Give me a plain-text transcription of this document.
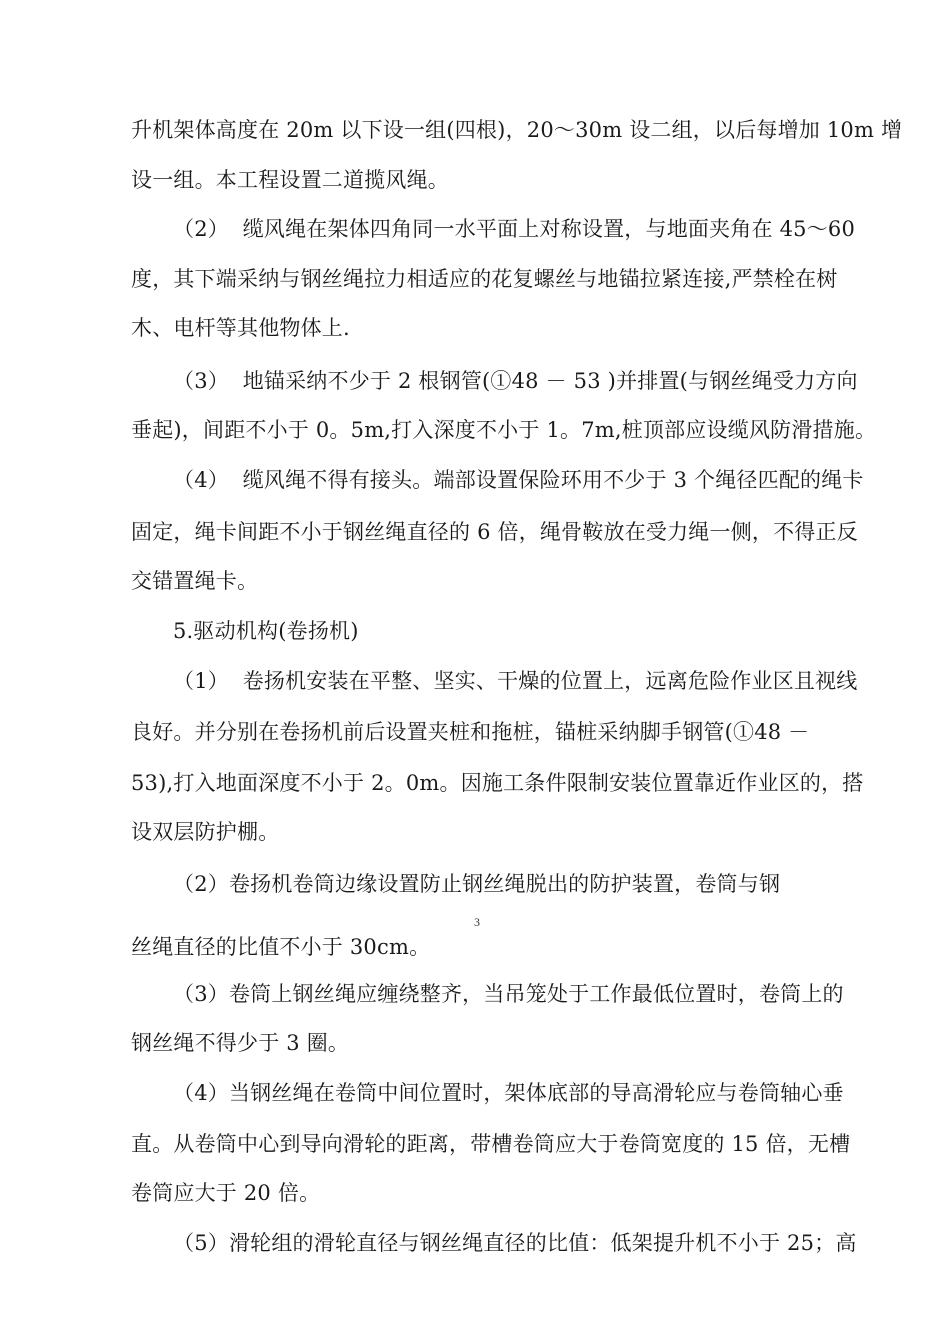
升机架体高度在 20m 以下设一组(四根)，20～30m 设二组，以后每增加 10m 增
设一组。本工程设置二道揽风绳。
（2）  缆风绳在架体四角同一水平面上对称设置，与地面夹角在 45～60
度，其下端采纳与钢丝绳拉力相适应的花复螺丝与地锚拉紧连接,严禁栓在树
木、电杆等其他物体上.
（3）  地锚采纳不少于 2 根钢管(①48 － 53 )并排置(与钢丝绳受力方向
垂起)，间距不小于 0。5m,打入深度不小于 1。7m,桩顶部应设缆风防滑措施。
（4）  缆风绳不得有接头。端部设置保险环用不少于 3 个绳径匹配的绳卡
固定，绳卡间距不小于钢丝绳直径的 6 倍，绳骨鞍放在受力绳一侧，不得正反
交错置绳卡。
5.驱动机构(卷扬机)
（1）  卷扬机安装在平整、坚实、干燥的位置上，远离危险作业区且视线
良好。并分别在卷扬机前后设置夹桩和拖桩，锚桩采纳脚手钢管(①48 －
53),打入地面深度不小于 2。0m。因施工条件限制安装位置靠近作业区的，搭
设双层防护棚。
（2）卷扬机卷筒边缘设置防止钢丝绳脱出的防护装置，卷筒与钢
3
丝绳直径的比值不小于 30cm。
（3）卷筒上钢丝绳应缠绕整齐，当吊笼处于工作最低位置时，卷筒上的
钢丝绳不得少于 3 圈。
（4）当钢丝绳在卷筒中间位置时，架体底部的导高滑轮应与卷筒轴心垂
直。从卷筒中心到导向滑轮的距离，带槽卷筒应大于卷筒宽度的 15 倍，无槽
卷筒应大于 20 倍。
（5）滑轮组的滑轮直径与钢丝绳直径的比值：低架提升机不小于 25；高
